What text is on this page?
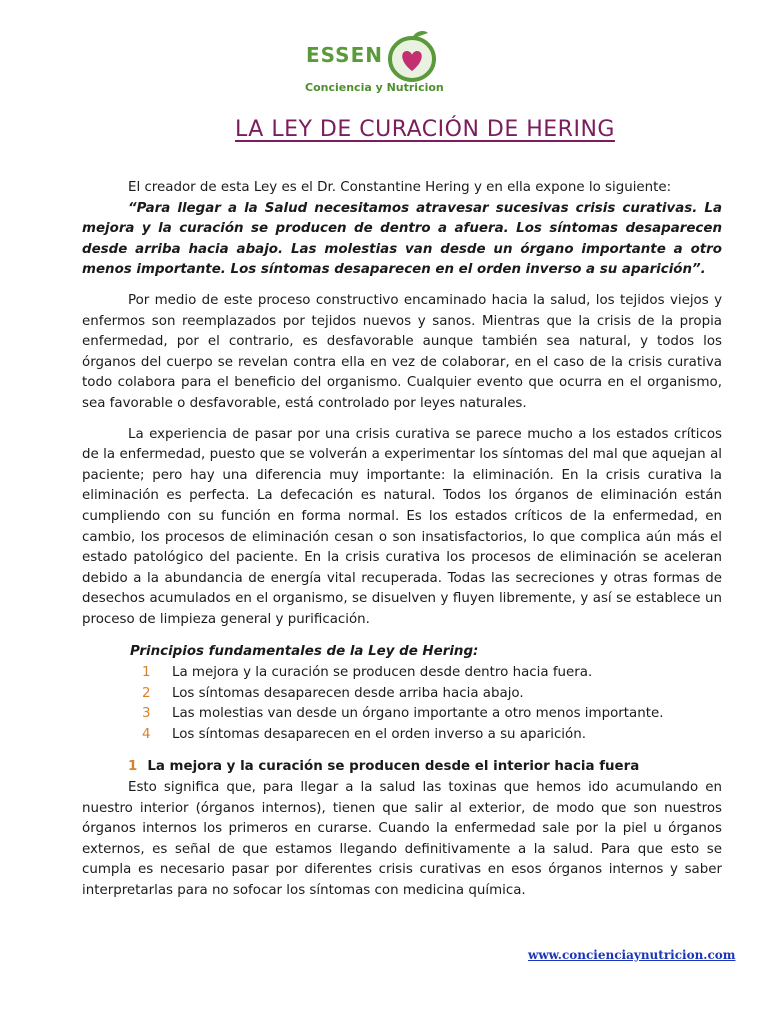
ESSEN
Conciencia y Nutricion
LA LEY DE CURACIÓN DE HERING

El creador de esta Ley es el Dr. Constantine Hering y en ella expone lo siguiente:

“Para llegar a la Salud necesitamos atravesar sucesivas crisis curativas. La mejora y la curación se producen de dentro a afuera. Los síntomas desaparecen desde arriba hacia abajo. Las molestias van desde un órgano importante a otro menos importante. Los síntomas desaparecen en el orden inverso a su aparición”.

Por medio de este proceso constructivo encaminado hacia la salud, los tejidos viejos y enfermos son reemplazados por tejidos nuevos y sanos. Mientras que la crisis de la propia enfermedad, por el contrario, es desfavorable aunque también sea natural, y todos los órganos del cuerpo se revelan contra ella en vez de colaborar, en el caso de la crisis curativa todo colabora para el beneficio del organismo. Cualquier evento que ocurra en el organismo, sea favorable o desfavorable, está controlado por leyes naturales.

La experiencia de pasar por una crisis curativa se parece mucho a los estados críticos de la enfermedad, puesto que se volverán a experimentar los síntomas del mal que aquejan al paciente; pero hay una diferencia muy importante: la eliminación. En la crisis curativa la eliminación es perfecta. La defecación es natural. Todos los órganos de eliminación están cumpliendo con su función en forma normal. Es los estados críticos de la enfermedad, en cambio, los procesos de eliminación cesan o son insatisfactorios, lo que complica aún más el estado patológico del paciente. En la crisis curativa los procesos de eliminación se aceleran debido a la abundancia de energía vital recuperada. Todas las secreciones y otras formas de desechos acumulados en el organismo, se disuelven y fluyen libremente, y así se establece un proceso de limpieza general y purificación.

Principios fundamentales de la Ley de Hering:
1 La mejora y la curación se producen desde dentro hacia fuera.
2 Los síntomas desaparecen desde arriba hacia abajo.
3 Las molestias van desde un órgano importante a otro menos importante.
4 Los síntomas desaparecen en el orden inverso a su aparición.
1 La mejora y la curación se producen desde el interior hacia fuera

Esto significa que, para llegar a la salud las toxinas que hemos ido acumulando en nuestro interior (órganos internos), tienen que salir al exterior, de modo que son nuestros órganos internos los primeros en curarse. Cuando la enfermedad sale por la piel u órganos externos, es señal de que estamos llegando definitivamente a la salud. Para que esto se cumpla es necesario pasar por diferentes crisis curativas en esos órganos internos y saber interpretarlas para no sofocar los síntomas con medicina química.

www.concienciaynutricion.com
